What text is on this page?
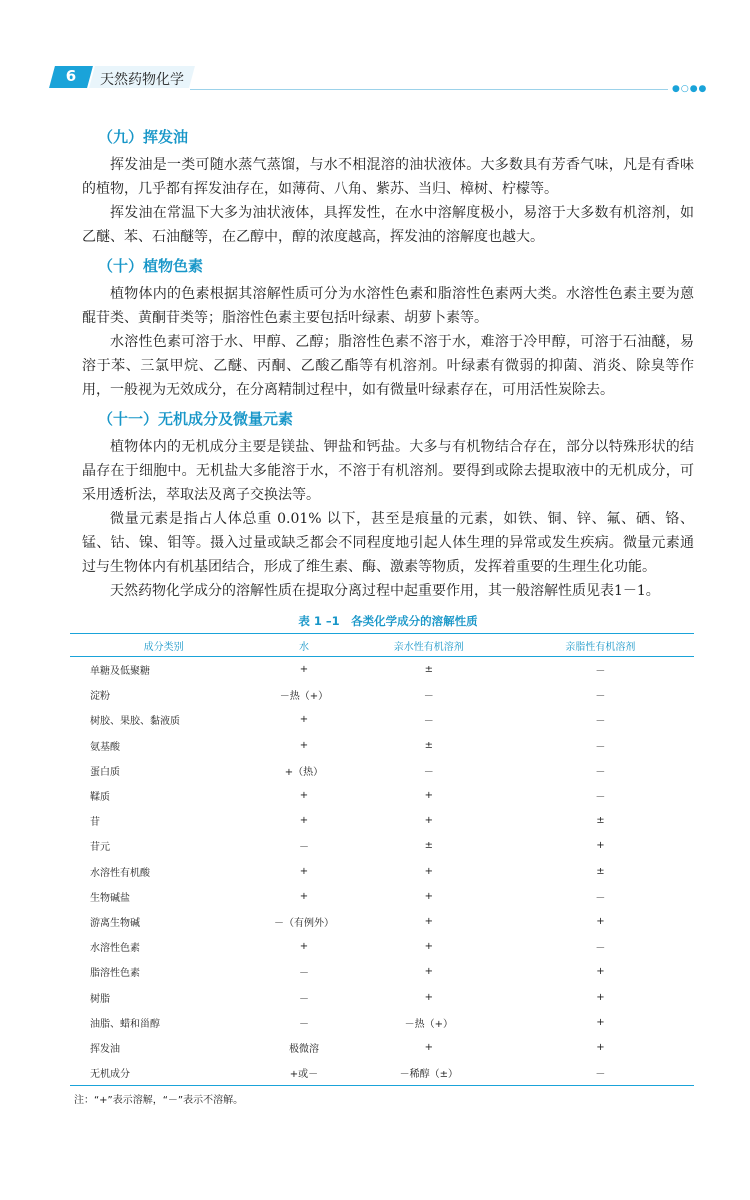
6	天然药物化学
●○●●
（九）挥发油

挥发油是一类可随水蒸气蒸馏，与水不相混溶的油状液体。大多数具有芳香气味，凡是有香味的植物，几乎都有挥发油存在，如薄荷、八角、紫苏、当归、樟树、柠檬等。

挥发油在常温下大多为油状液体，具挥发性，在水中溶解度极小，易溶于大多数有机溶剂，如乙醚、苯、石油醚等，在乙醇中，醇的浓度越高，挥发油的溶解度也越大。

（十）植物色素

植物体内的色素根据其溶解性质可分为水溶性色素和脂溶性色素两大类。水溶性色素主要为蒽醌苷类、黄酮苷类等；脂溶性色素主要包括叶绿素、胡萝卜素等。

水溶性色素可溶于水、甲醇、乙醇；脂溶性色素不溶于水，难溶于冷甲醇，可溶于石油醚，易溶于苯、三氯甲烷、乙醚、丙酮、乙酸乙酯等有机溶剂。叶绿素有微弱的抑菌、消炎、除臭等作用，一般视为无效成分，在分离精制过程中，如有微量叶绿素存在，可用活性炭除去。

（十一）无机成分及微量元素

植物体内的无机成分主要是镁盐、钾盐和钙盐。大多与有机物结合存在，部分以特殊形状的结晶存在于细胞中。无机盐大多能溶于水，不溶于有机溶剂。要得到或除去提取液中的无机成分，可采用透析法，萃取法及离子交换法等。

微量元素是指占人体总重 0.01% 以下，甚至是痕量的元素，如铁、铜、锌、氟、硒、铬、锰、钴、镍、钼等。摄入过量或缺乏都会不同程度地引起人体生理的异常或发生疾病。微量元素通过与生物体内有机基团结合，形成了维生素、酶、激素等物质，发挥着重要的生理生化功能。

天然药物化学成分的溶解性质在提取分离过程中起重要作用，其一般溶解性质见表1－1。

表 1 –1　各类化学成分的溶解性质
成分类别	水	亲水性有机溶剂	亲脂性有机溶剂
单糖及低聚糖	+	±	－
淀粉	－热（+）	－	－
树胶、果胶、黏液质	+	－	－
氨基酸	+	±	－
蛋白质	+（热）	－	－
鞣质	+	+	－
苷	+	+	±
苷元	－	±	+
水溶性有机酸	+	+	±
生物碱盐	+	+	－
游离生物碱	－（有例外）	+	+
水溶性色素	+	+	－
脂溶性色素	－	+	+
树脂	－	+	+
油脂、蜡和甾醇	－	－热（+）	+
挥发油	极微溶	+	+
无机成分	+或－	－稀醇（±）	－
注：“+”表示溶解，“－”表示不溶解。
